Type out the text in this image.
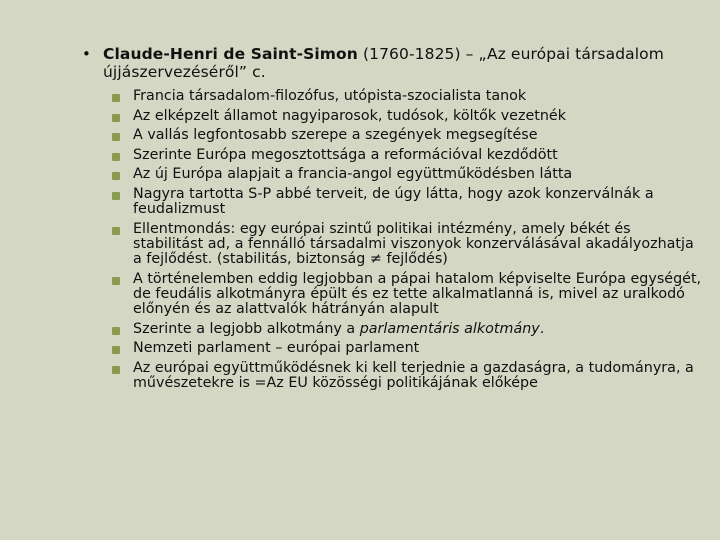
• Claude-Henri de Saint-Simon (1760-1825) – „Az európai társadalom újjászervezéséről” c.
Francia társadalom-filozófus, utópista-szocialista tanok
Az elképzelt államot nagyiparosok, tudósok, költők vezetnék
A vallás legfontosabb szerepe a szegények megsegítése
Szerinte Európa megosztottsága a reformációval kezdődött
Az új Európa alapjait a francia-angol együttműködésben látta
Nagyra tartotta S-P abbé terveit, de úgy látta, hogy azok konzerválnák a feudalizmust
Ellentmondás: egy európai szintű politikai intézmény, amely békét és stabilitást ad, a fennálló társadalmi viszonyok konzerválásával akadályozhatja a fejlődést. (stabilitás, biztonság ≠ fejlődés)
A történelemben eddig legjobban a pápai hatalom képviselte Európa egységét, de feudális alkotmányra épült és ez tette alkalmatlanná is, mivel az uralkodó előnyén és az alattvalók hátrányán alapult
Szerinte a legjobb alkotmány a parlamentáris alkotmány.
Nemzeti parlament – európai parlament
Az európai együttműködésnek ki kell terjednie a gazdaságra, a tudományra, a művészetekre is =Az EU közösségi politikájának előképe
